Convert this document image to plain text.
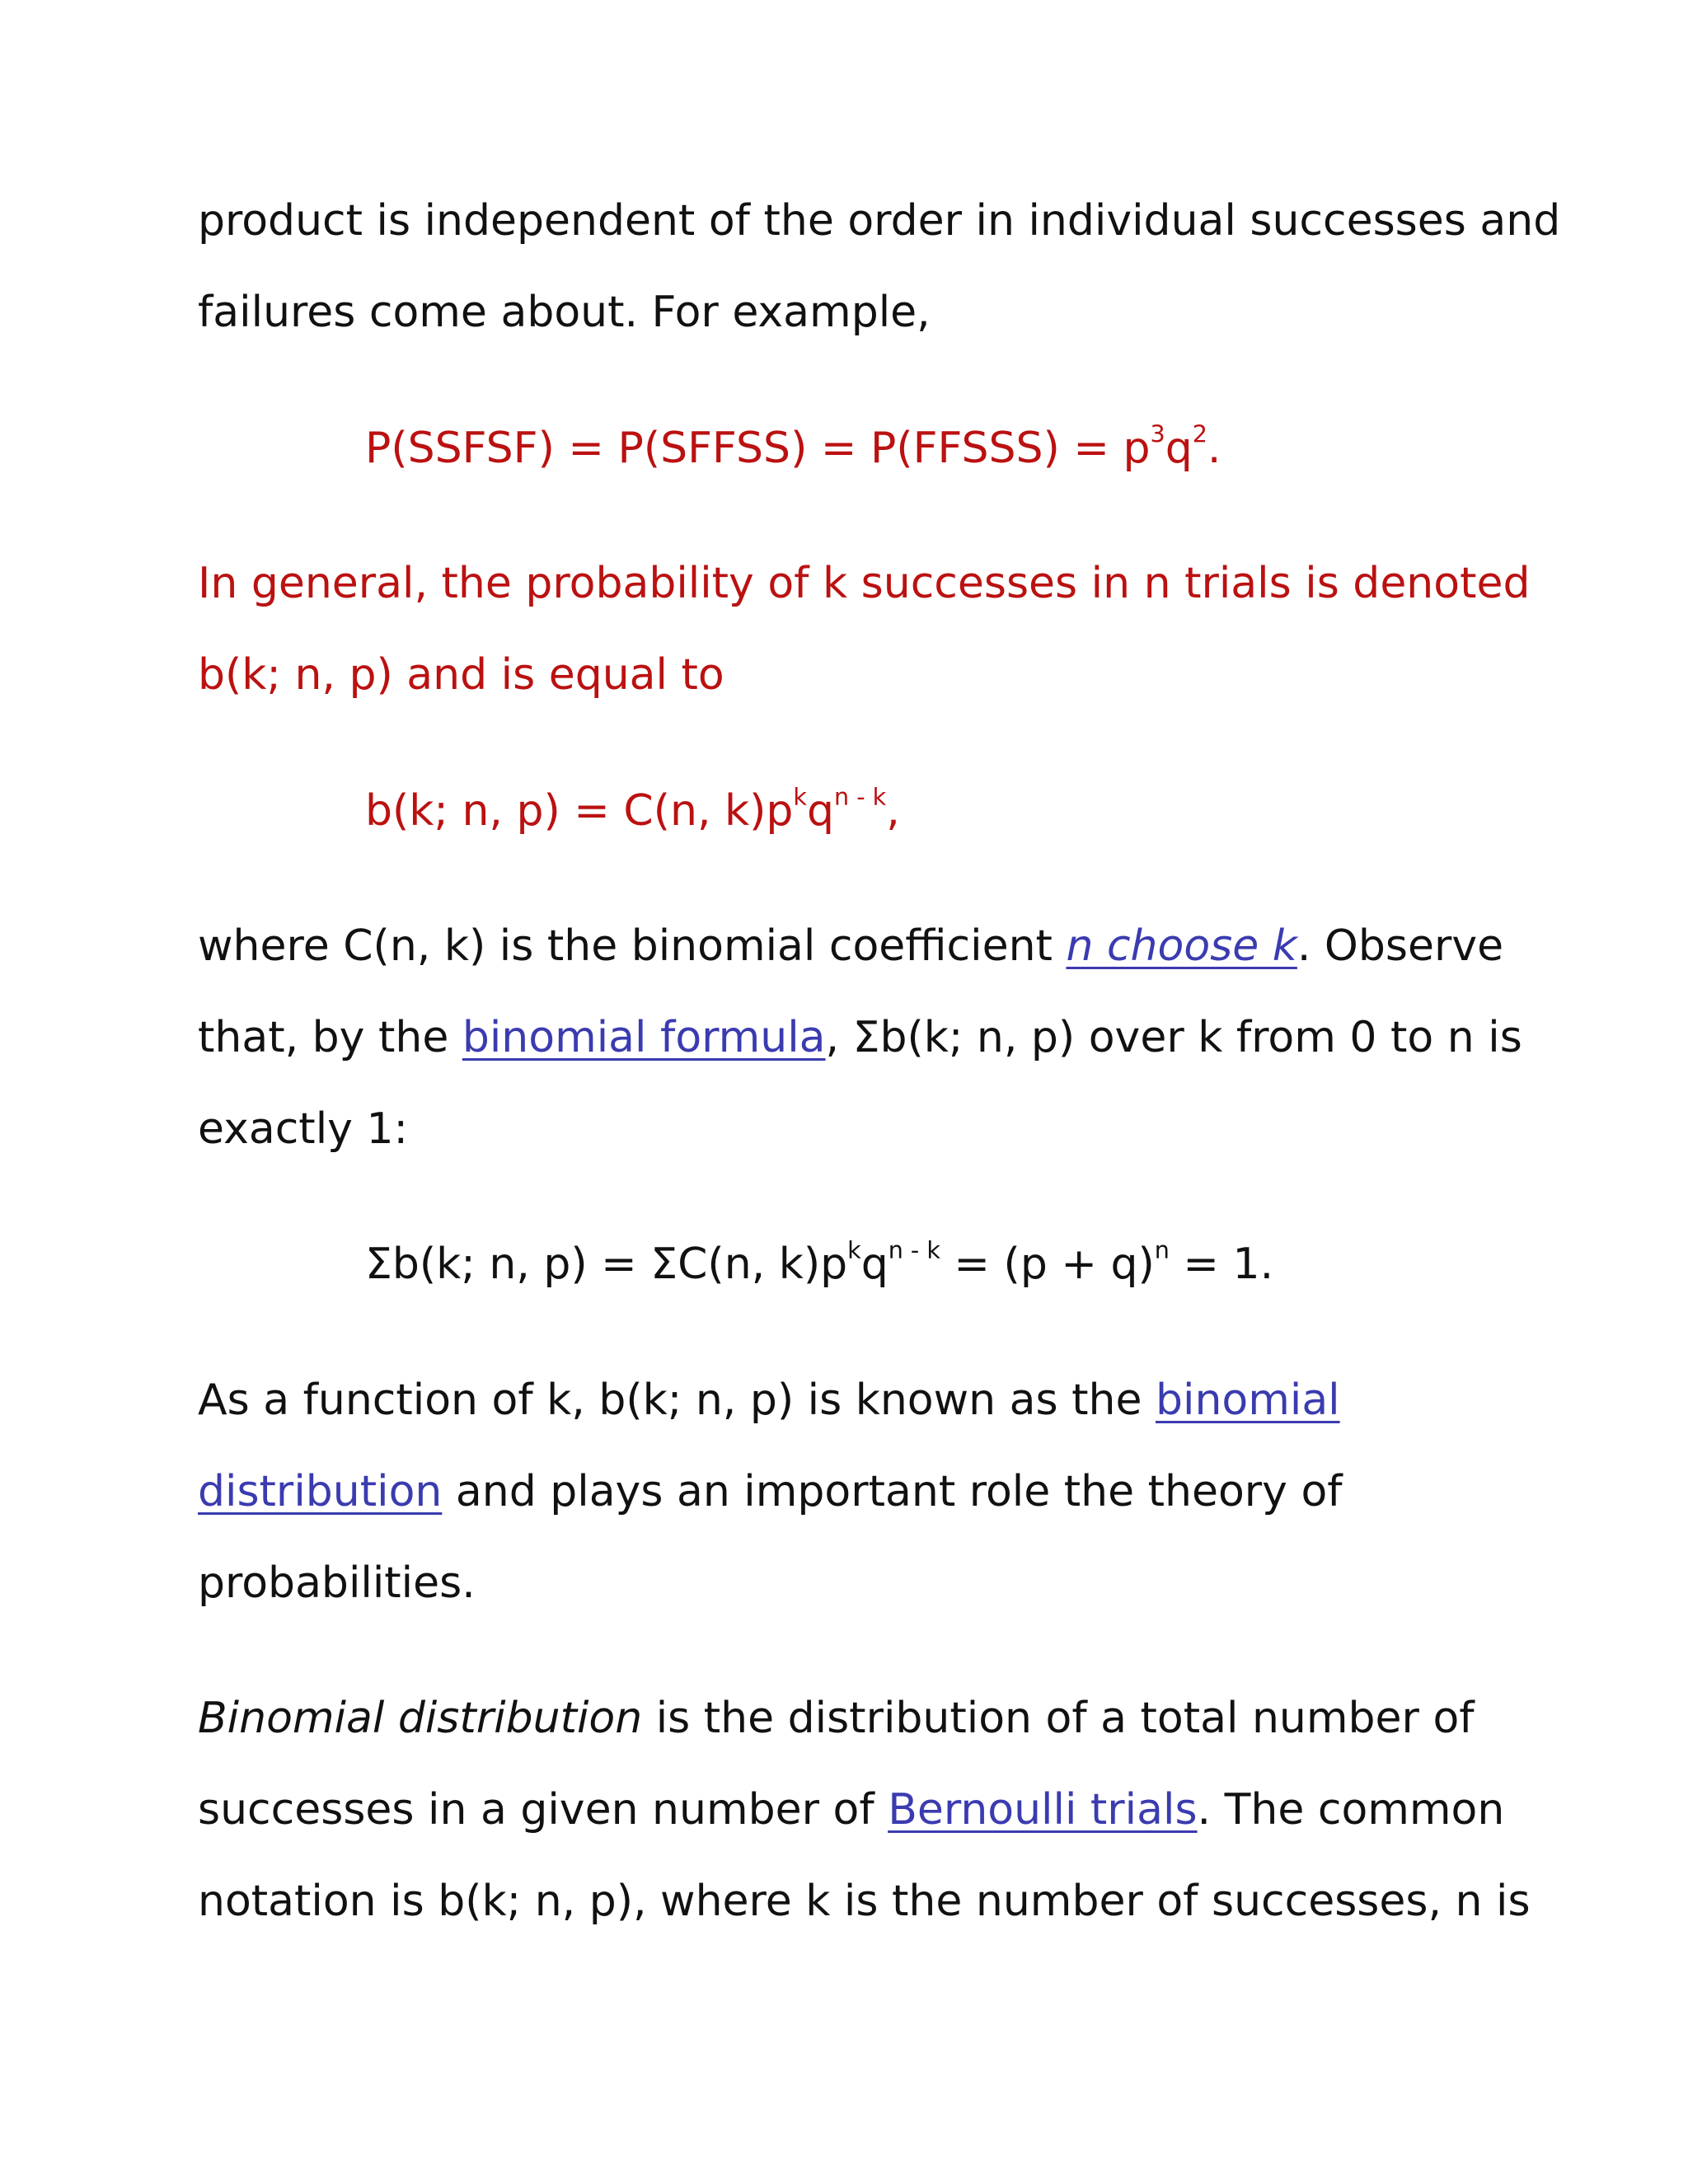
product is independent of the order in individual successes and
failures come about. For example,
P(SSFSF) = P(SFFSS) = P(FFSSS) = $p^3q^2$.
In general, the probability of k successes in n trials is denoted
b(k; n, p) and is equal to
b(k; n, p) = C(n, $k)p^kq^{n - k}$,
where C(n, k) is the binomial coefficient n choose k. Observe
that, by the binomial formula, Σb(k; n, p) over k from 0 to n is
exactly 1:
Σb(k; n, p) = ΣC(n, $k)p^kq^{n - k} = (p + q)^n = 1$.
As a function of k, b(k; n, p) is known as the binomial
distribution and plays an important role the theory of
probabilities.
Binomial distribution is the distribution of a total number of
successes in a given number of Bernoulli trials. The common
notation is b(k; n, p), where k is the number of successes, n is
